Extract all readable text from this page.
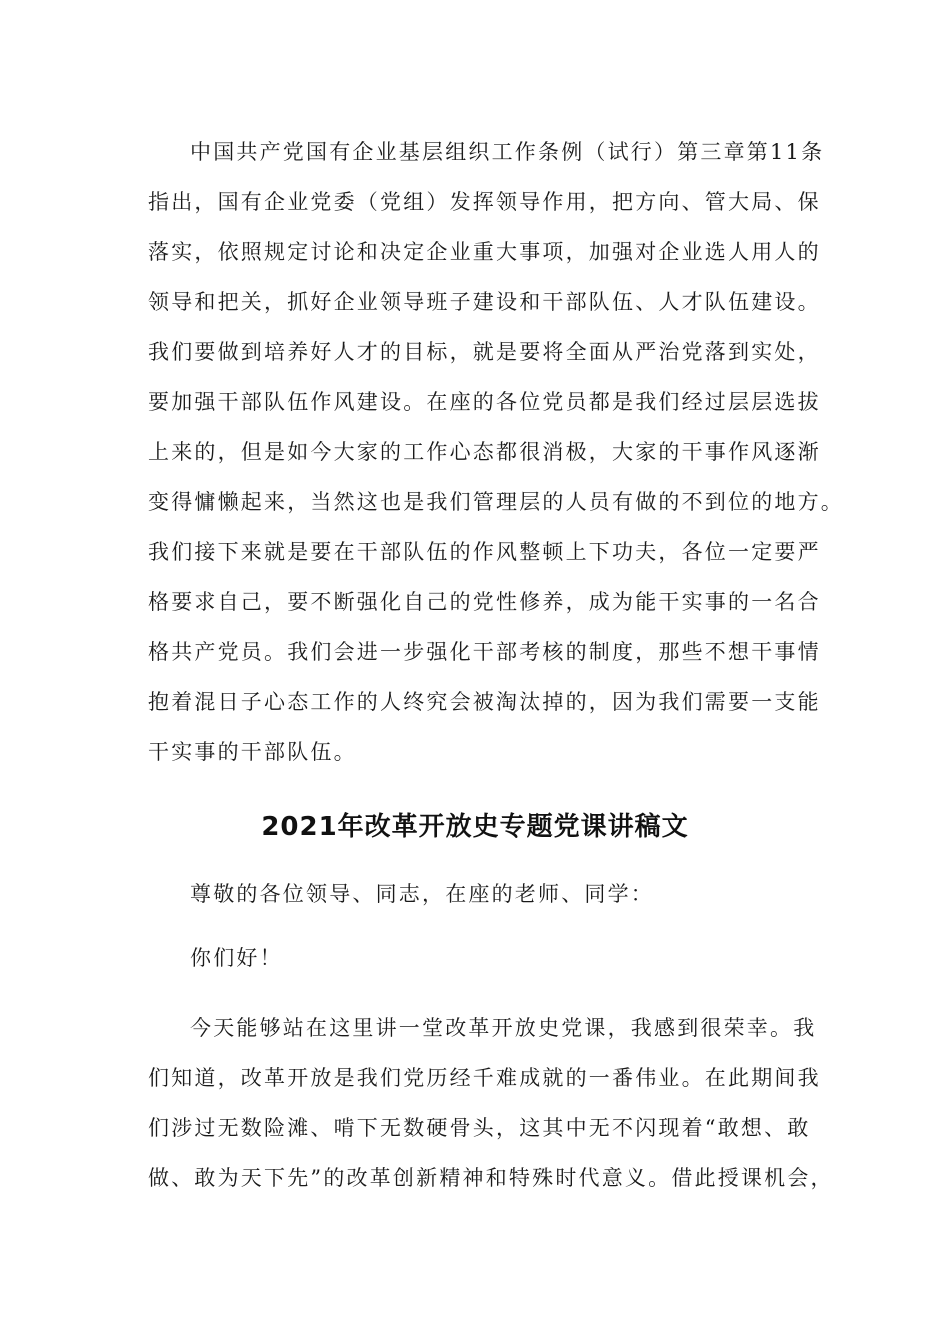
中国共产党国有企业基层组织工作条例（试行）第三章第11条
指出，国有企业党委（党组）发挥领导作用，把方向、管大局、保
落实，依照规定讨论和决定企业重大事项，加强对企业选人用人的
领导和把关，抓好企业领导班子建设和干部队伍、人才队伍建设。
我们要做到培养好人才的目标，就是要将全面从严治党落到实处，
要加强干部队伍作风建设。在座的各位党员都是我们经过层层选拔
上来的，但是如今大家的工作心态都很消极，大家的干事作风逐渐
变得慵懒起来，当然这也是我们管理层的人员有做的不到位的地方。
我们接下来就是要在干部队伍的作风整顿上下功夫，各位一定要严
格要求自己，要不断强化自己的党性修养，成为能干实事的一名合
格共产党员。我们会进一步强化干部考核的制度，那些不想干事情
抱着混日子心态工作的人终究会被淘汰掉的，因为我们需要一支能
干实事的干部队伍。
2021年改革开放史专题党课讲稿文
尊敬的各位领导、同志，在座的老师、同学：
你们好！
今天能够站在这里讲一堂改革开放史党课，我感到很荣幸。我
们知道，改革开放是我们党历经千难成就的一番伟业。在此期间我
们涉过无数险滩、啃下无数硬骨头，这其中无不闪现着“敢想、敢
做、敢为天下先”的改革创新精神和特殊时代意义。借此授课机会，
